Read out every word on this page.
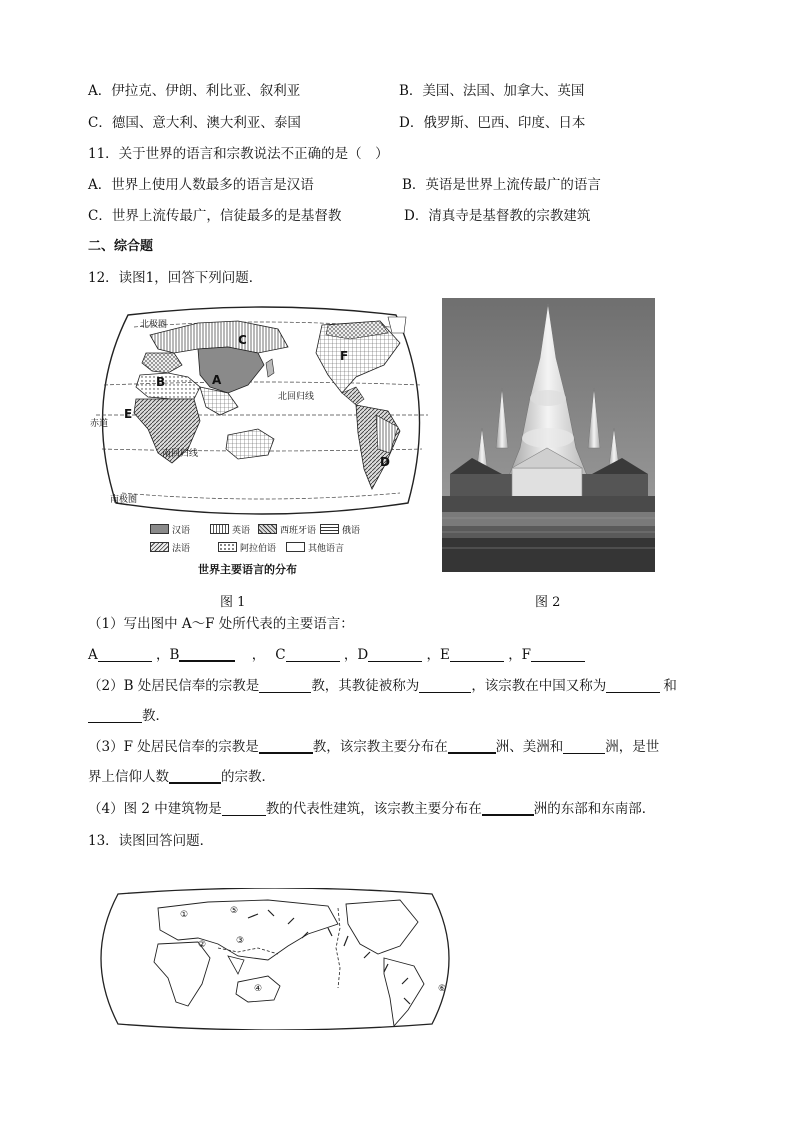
A．伊拉克、伊朗、利比亚、叙利亚	B．美国、法国、加拿大、英国
C．德国、意大利、澳大利亚、泰国	D．俄罗斯、巴西、印度、日本
11．关于世界的语言和宗教说法不正确的是（　）
A．世界上使用人数最多的语言是汉语	B．英语是世界上流传最广的语言
C．世界上流传最广，信徒最多的是基督教	D．清真寺是基督教的宗教建筑
二、综合题
12．读图1，回答下列问题．
北极圈
北回归线
赤道
南回归线
南极圈
A
B
C
D
E
F
汉语	英语	西班牙语	俄语
法语	阿拉伯语	其他语言
世界主要语言的分布
图 1	图 2
（1）写出图中 A～F 处所代表的主要语言：
A	，B	， C	，D	，E	，F
（2）B 处居民信奉的宗教是	教，其教徒被称为	，该宗教在中国又称为	和
教．
（3）F 处居民信奉的宗教是	教，该宗教主要分布在	洲、美洲和	洲，是世
界上信仰人数	的宗教．
（4）图 2 中建筑物是	教的代表性建筑，该宗教主要分布在	洲的东部和东南部．
13．读图回答问题．
①
②	③
④
⑤
⑥
